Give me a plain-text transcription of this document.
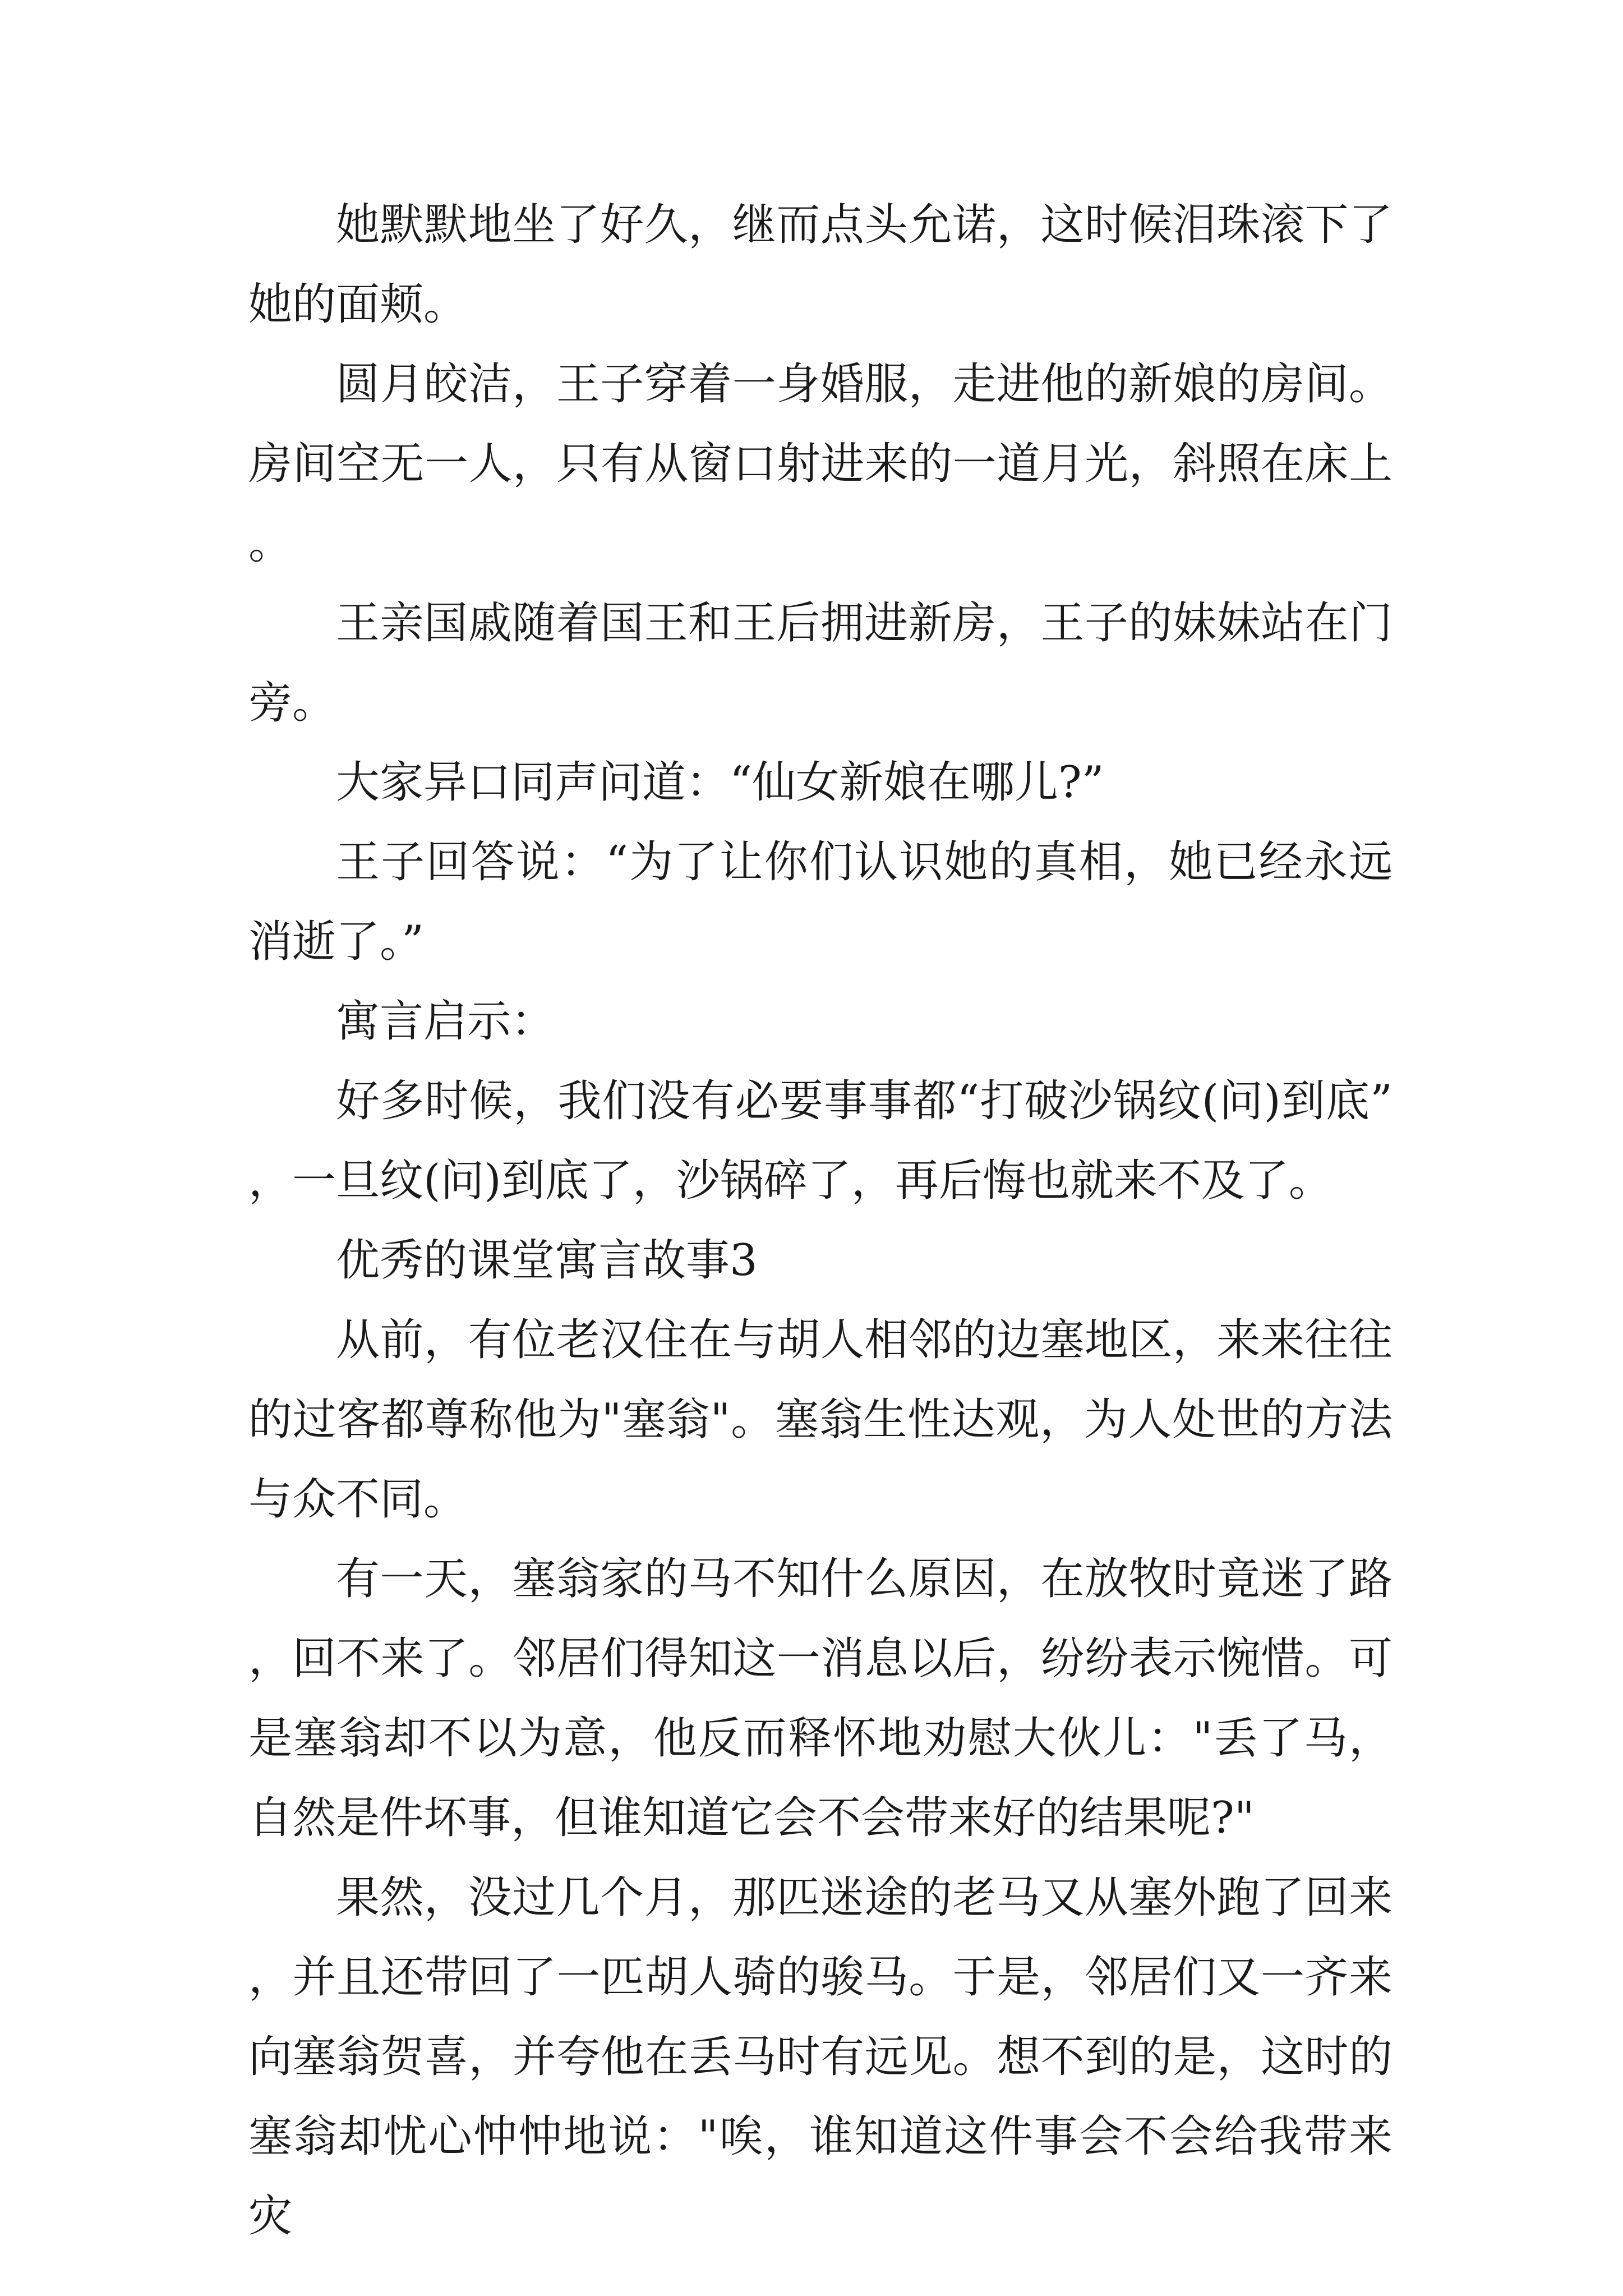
她默默地坐了好久，继而点头允诺，这时候泪珠滚下了她的面颊。

圆月皎洁，王子穿着一身婚服，走进他的新娘的房间。房间空无一人，只有从窗口射进来的一道月光，斜照在床上。

王亲国戚随着国王和王后拥进新房，王子的妹妹站在门旁。

大家异口同声问道：“仙女新娘在哪儿?”

王子回答说：“为了让你们认识她的真相，她已经永远消逝了。”

寓言启示：

好多时候，我们没有必要事事都“打破沙锅纹(问)到底”，一旦纹(问)到底了，沙锅碎了，再后悔也就来不及了。

优秀的课堂寓言故事3

从前，有位老汉住在与胡人相邻的边塞地区，来来往往的过客都尊称他为"塞翁"。塞翁生性达观，为人处世的方法与众不同。

有一天，塞翁家的马不知什么原因，在放牧时竟迷了路，回不来了。邻居们得知这一消息以后，纷纷表示惋惜。可是塞翁却不以为意，他反而释怀地劝慰大伙儿："丢了马，自然是件坏事，但谁知道它会不会带来好的结果呢?"

果然，没过几个月，那匹迷途的老马又从塞外跑了回来，并且还带回了一匹胡人骑的骏马。于是，邻居们又一齐来向塞翁贺喜，并夸他在丢马时有远见。想不到的是，这时的塞翁却忧心忡忡地说："唉，谁知道这件事会不会给我带来灾
